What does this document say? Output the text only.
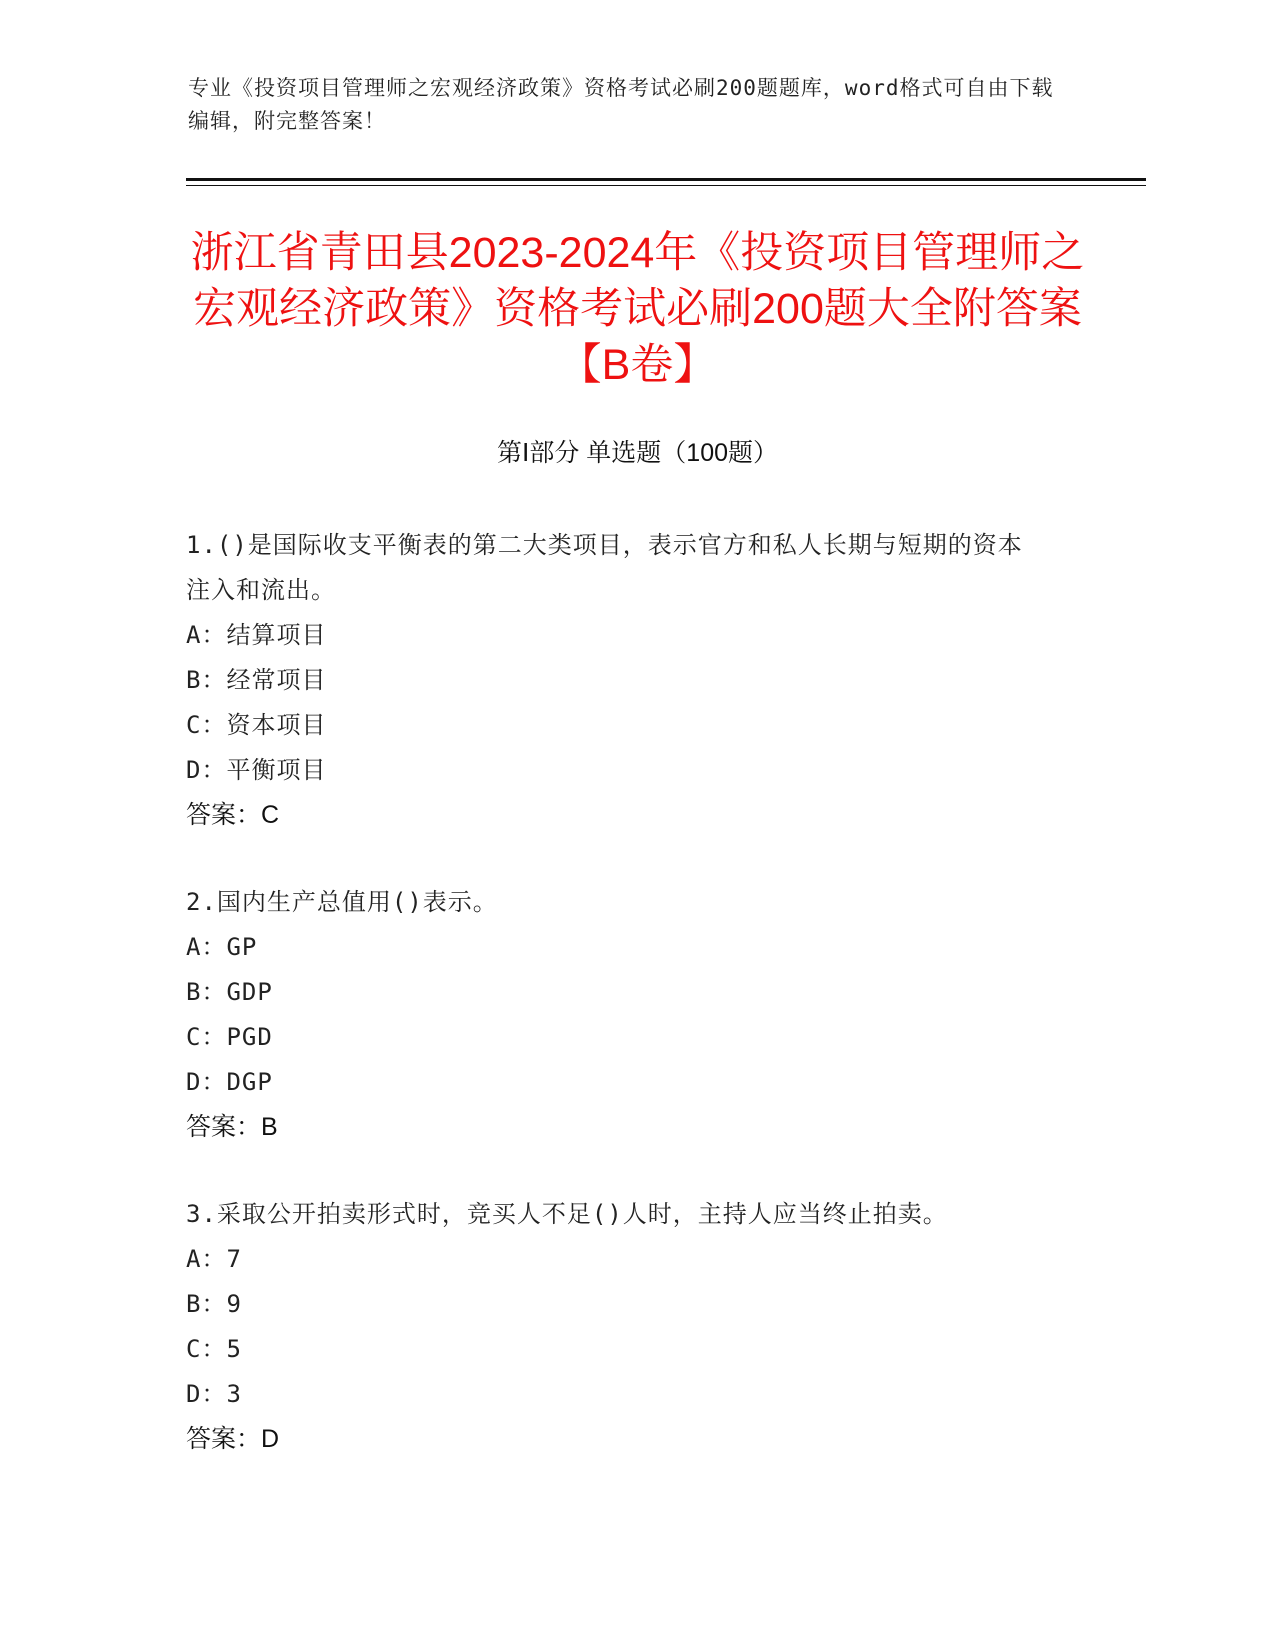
专业《投资项目管理师之宏观经济政策》资格考试必刷200题题库，word格式可自由下载编辑，附完整答案！
浙江省青田县2023-2024年《投资项目管理师之宏观经济政策》资格考试必刷200题大全附答案【B卷】
第Ⅰ部分 单选题（100题）

1.()是国际收支平衡表的第二大类项目，表示官方和私人长期与短期的资本注入和流出。

A：结算项目

B：经常项目

C：资本项目

D：平衡项目

答案：C

2.国内生产总值用()表示。

A：GP

B：GDP

C：PGD

D：DGP

答案：B

3.采取公开拍卖形式时，竞买人不足()人时，主持人应当终止拍卖。

A：7

B：9

C：5

D：3

答案：D
